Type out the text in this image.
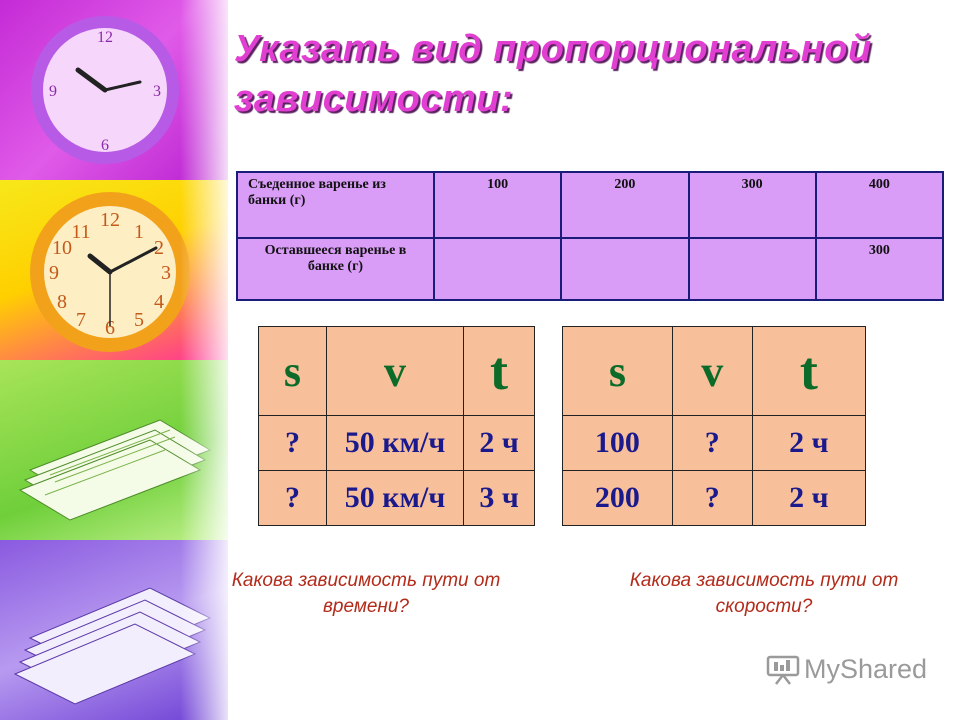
12
6
3
9
12
6
3
9
1
2
11
10
4
5
7
8
Указать вид пропорциональной зависимости:
Съеденное варенье из банки (г)	100	200	300	400
Оставшееся варенье в банке (г)				300
s	v	t
?	50 км/ч	2 ч
?	50 км/ч	3 ч
s	v	t
100	?	2 ч
200	?	2 ч
Какова зависимость пути от времени?
Какова зависимость пути от скорости?
MyShared
